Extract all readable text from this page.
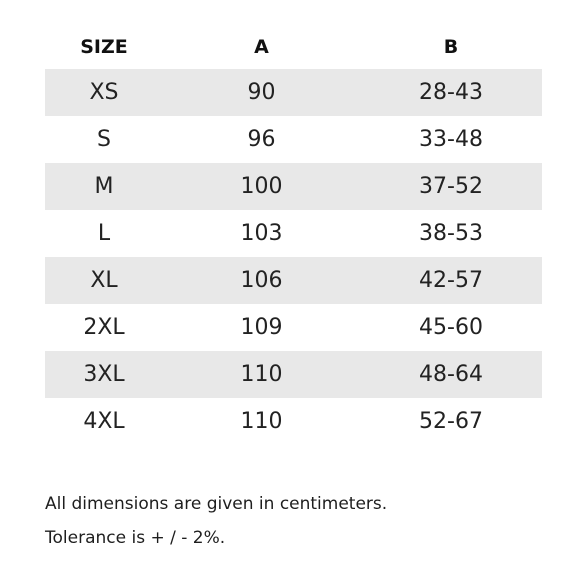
SIZE	A	B
XS	90	28-43
S	96	33-48
M	100	37-52
L	103	38-53
XL	106	42-57
2XL	109	45-60
3XL	110	48-64
4XL	110	52-67

All dimensions are given in centimeters.

Tolerance is + / - 2%.
